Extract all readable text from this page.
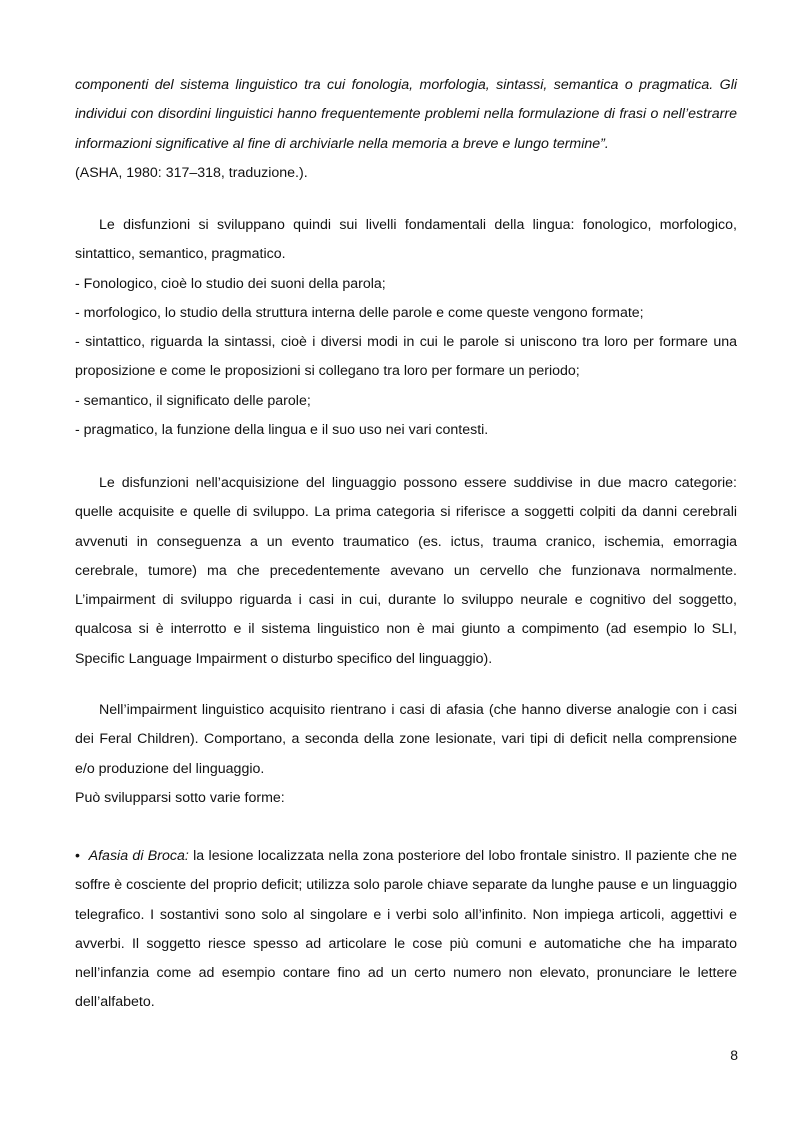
componenti del sistema linguistico tra cui fonologia, morfologia, sintassi, semantica o pragmatica. Gli individui con disordini linguistici hanno frequentemente problemi nella formulazione di frasi o nell’estrarre informazioni significative al fine di archiviarle nella memoria a breve e lungo termine”.

(ASHA, 1980: 317–318, traduzione.).

Le disfunzioni si sviluppano quindi sui livelli fondamentali della lingua: fonologico, morfologico, sintattico, semantico, pragmatico.

- Fonologico, cioè lo studio dei suoni della parola;

- morfologico, lo studio della struttura interna delle parole e come queste vengono formate;

- sintattico, riguarda la sintassi, cioè i diversi modi in cui le parole si uniscono tra loro per formare una proposizione e come le proposizioni si collegano tra loro per formare un periodo;

- semantico, il significato delle parole;

- pragmatico, la funzione della lingua e il suo uso nei vari contesti.

Le disfunzioni nell’acquisizione del linguaggio possono essere suddivise in due macro categorie: quelle acquisite e quelle di sviluppo. La prima categoria si riferisce a soggetti colpiti da danni cerebrali avvenuti in conseguenza a un evento traumatico (es. ictus, trauma cranico, ischemia, emorragia cerebrale, tumore) ma che precedentemente avevano un cervello che funzionava normalmente. L’impairment di sviluppo riguarda i casi in cui, durante lo sviluppo neurale e cognitivo del soggetto, qualcosa si è interrotto e il sistema linguistico non è mai giunto a compimento (ad esempio lo SLI, Specific Language Impairment o disturbo specifico del linguaggio).

Nell’impairment linguistico acquisito rientrano i casi di afasia (che hanno diverse analogie con i casi dei Feral Children). Comportano, a seconda della zone lesionate, vari tipi di deficit nella comprensione e/o produzione del linguaggio.

Può svilupparsi sotto varie forme:

• Afasia di Broca: la lesione localizzata nella zona posteriore del lobo frontale sinistro. Il paziente che ne soffre è cosciente del proprio deficit; utilizza solo parole chiave separate da lunghe pause e un linguaggio telegrafico. I sostantivi sono solo al singolare e i verbi solo all’infinito. Non impiega articoli, aggettivi e avverbi. Il soggetto riesce spesso ad articolare le cose più comuni e automatiche che ha imparato nell’infanzia come ad esempio contare fino ad un certo numero non elevato, pronunciare le lettere dell’alfabeto.

8
